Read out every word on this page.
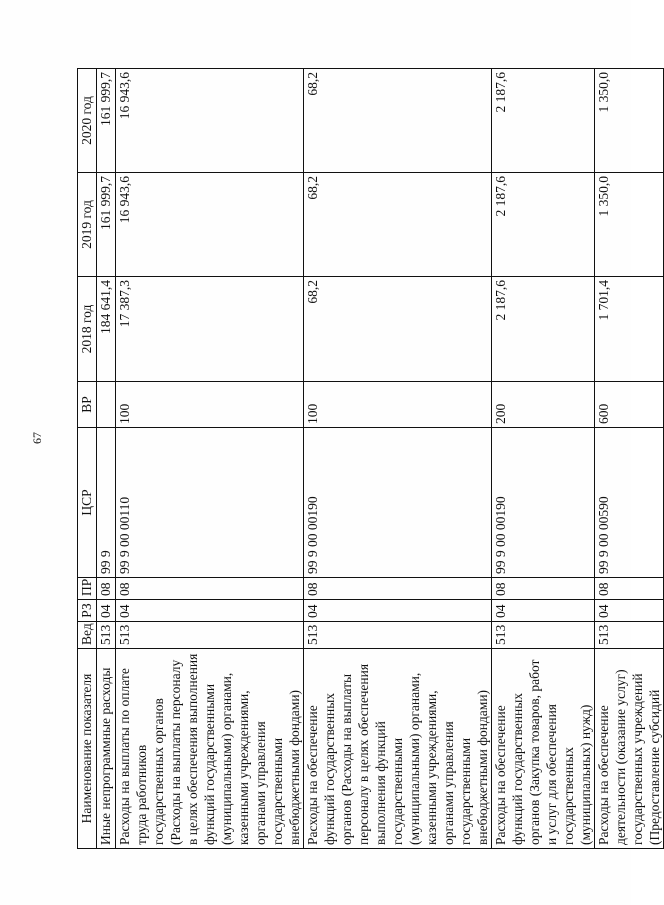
67
Наименование показателя	Вед	РЗ	ПР	ЦСР	ВР	2018 год	2019 год	2020 год
Иные непрограммные расходы	513	04	08	99 9		184 641,4	161 999,7	161 999,7
Расходы на выплаты по оплате труда работников государственных органов (Расходы на выплаты персоналу в целях обеспечения выполнения функций государственными (муниципальными) органами, казенными учреждениями, органами управления государственными внебюджетными фондами)	513	04	08	99 9 00 00110	100	17 387,3	16 943,6	16 943,6
Расходы на обеспечение функций государственных органов (Расходы на выплаты персоналу в целях обеспечения выполнения функций государственными (муниципальными) органами, казенными учреждениями, органами управления государственными внебюджетными фондами)	513	04	08	99 9 00 00190	100	68,2	68,2	68,2
Расходы на обеспечение функций государственных органов (Закупка товаров, работ и услуг для обеспечения государственных (муниципальных) нужд)	513	04	08	99 9 00 00190	200	2 187,6	2 187,6	2 187,6
Расходы на обеспечение деятельности (оказание услуг) государственных учреждений (Предоставление субсидий	513	04	08	99 9 00 00590	600	1 701,4	1 350,0	1 350,0
